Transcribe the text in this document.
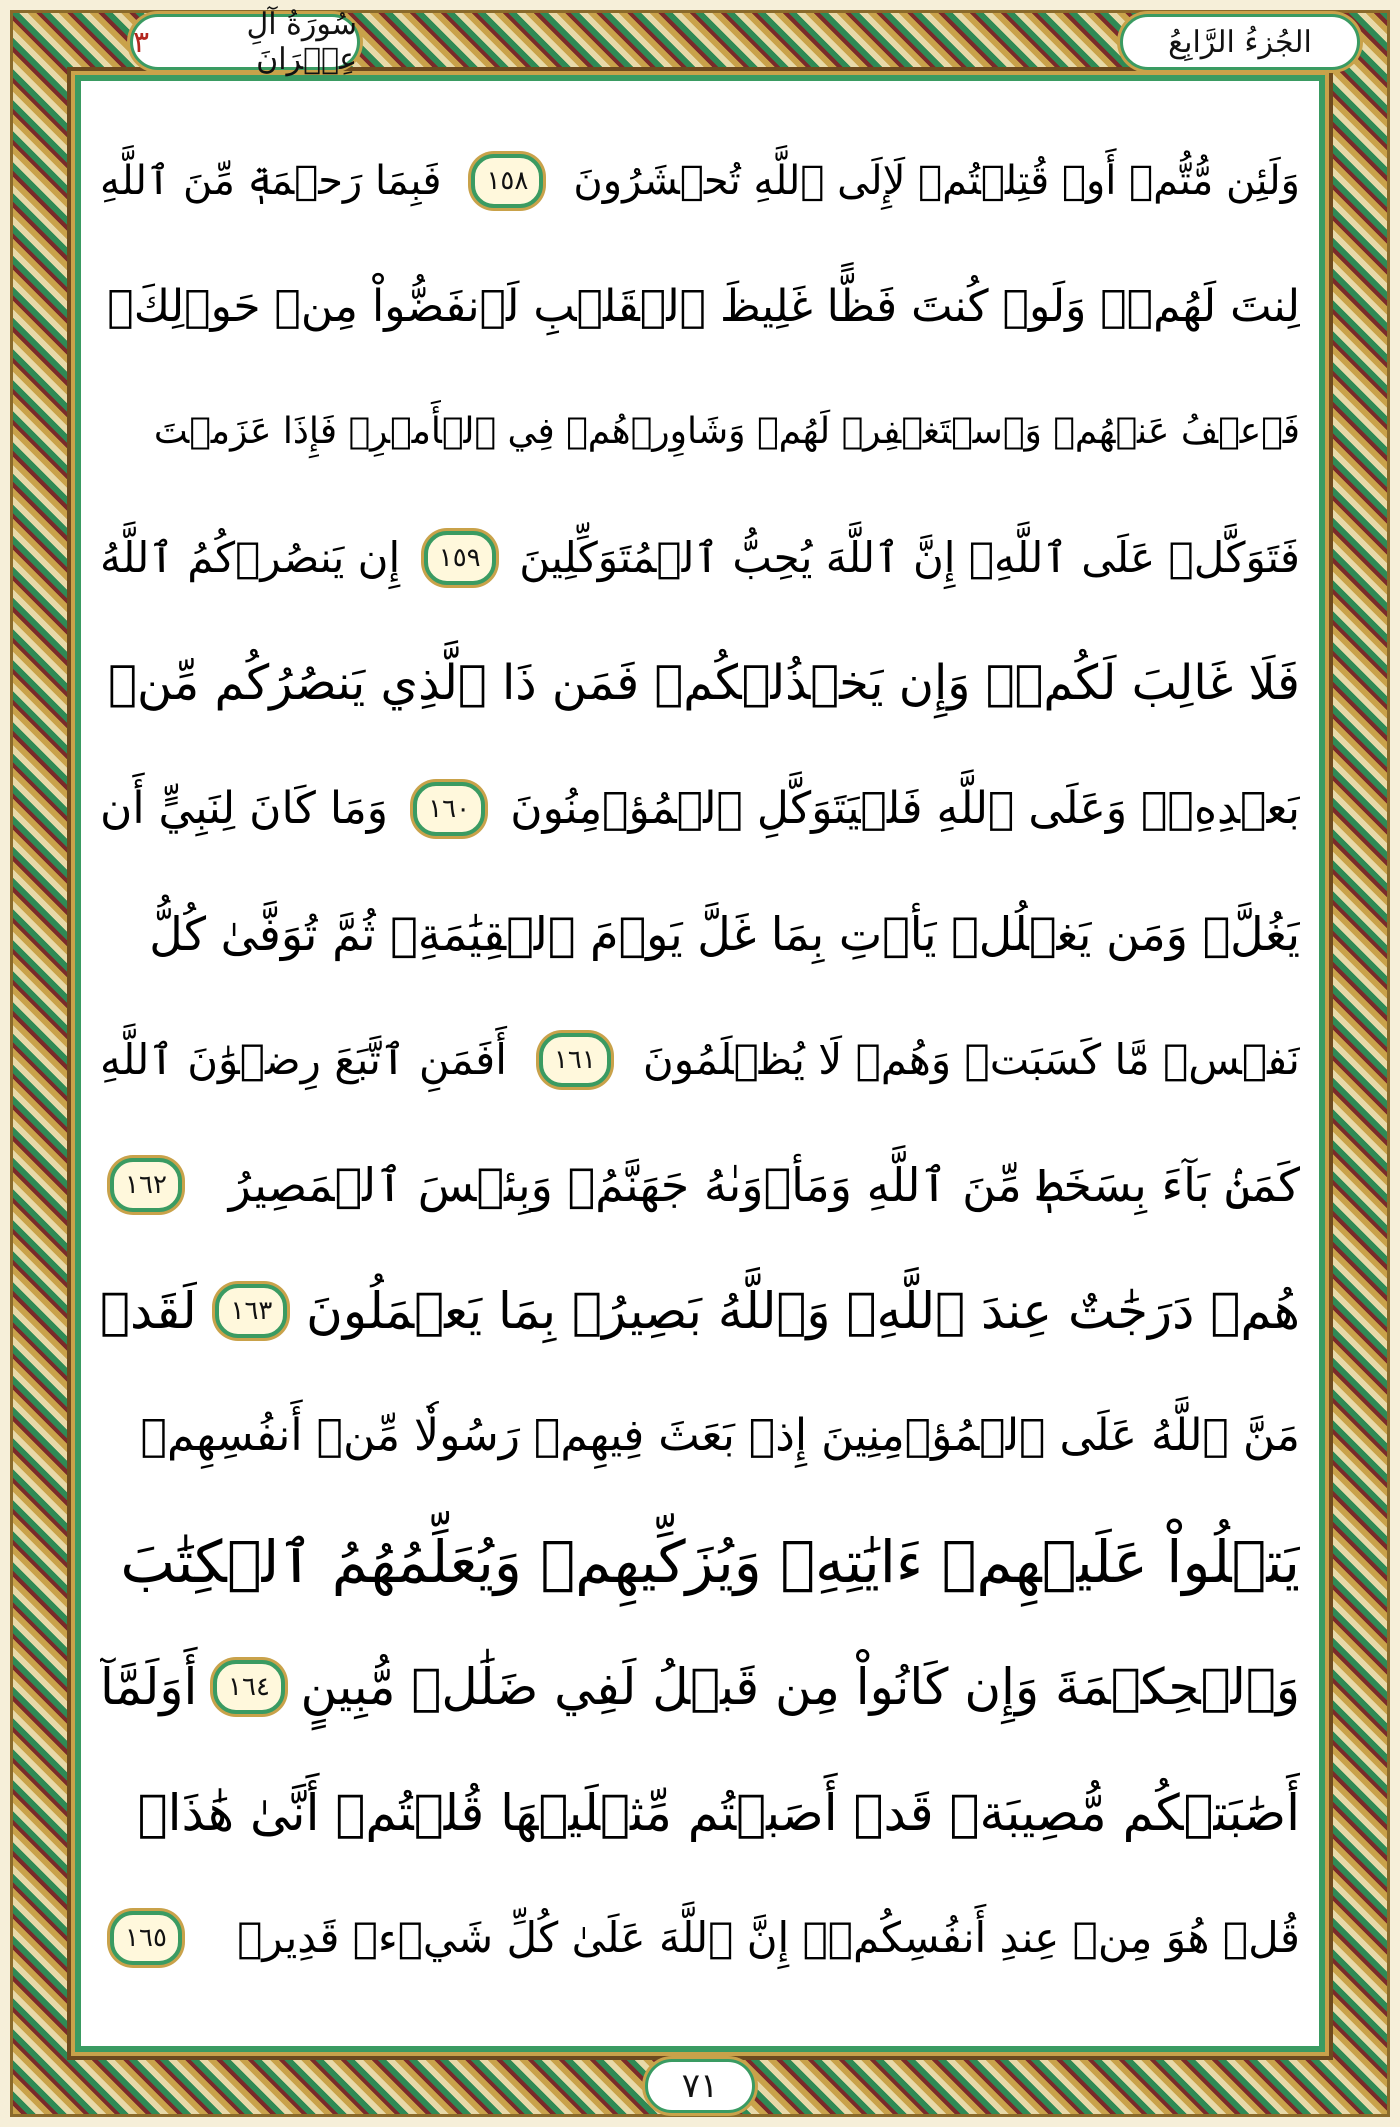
الجُزءُ الرَّابِعُ
سُورَةُ آلِ عِمۡرَانَ
٣
وَلَئِن مُّتُّمۡ أَوۡ قُتِلۡتُمۡ لَإِلَى ٱللَّهِ تُحۡشَرُونَ
١٥٨
فَبِمَا رَحۡمَةٖ مِّنَ ٱللَّهِ
لِنتَ لَهُمۡۖ وَلَوۡ كُنتَ فَظًّا غَلِيظَ ٱلۡقَلۡبِ لَٱنفَضُّواْ مِنۡ حَوۡلِكَۖ
فَٱعۡفُ عَنۡهُمۡ وَٱسۡتَغۡفِرۡ لَهُمۡ وَشَاوِرۡهُمۡ فِي ٱلۡأَمۡرِۖ فَإِذَا عَزَمۡتَ
فَتَوَكَّلۡ عَلَى ٱللَّهِۚ إِنَّ ٱللَّهَ يُحِبُّ ٱلۡمُتَوَكِّلِينَ
١٥٩
إِن يَنصُرۡكُمُ ٱللَّهُ
فَلَا غَالِبَ لَكُمۡۖ وَإِن يَخۡذُلۡكُمۡ فَمَن ذَا ٱلَّذِي يَنصُرُكُم مِّنۢ
بَعۡدِهِۦۗ وَعَلَى ٱللَّهِ فَلۡيَتَوَكَّلِ ٱلۡمُؤۡمِنُونَ
١٦٠
وَمَا كَانَ لِنَبِيٍّ أَن
يَغُلَّۚ وَمَن يَغۡلُلۡ يَأۡتِ بِمَا غَلَّ يَوۡمَ ٱلۡقِيَٰمَةِۚ ثُمَّ تُوَفَّىٰ كُلُّ
نَفۡسٖ مَّا كَسَبَتۡ وَهُمۡ لَا يُظۡلَمُونَ
١٦١
أَفَمَنِ ٱتَّبَعَ رِضۡوَٰنَ ٱللَّهِ
كَمَنۢ بَآءَ بِسَخَطٖ مِّنَ ٱللَّهِ وَمَأۡوَىٰهُ جَهَنَّمُۖ وَبِئۡسَ ٱلۡمَصِيرُ
١٦٢
هُمۡ دَرَجَٰتٌ عِندَ ٱللَّهِۗ وَٱللَّهُ بَصِيرُۢ بِمَا يَعۡمَلُونَ
١٦٣
لَقَدۡ
مَنَّ ٱللَّهُ عَلَى ٱلۡمُؤۡمِنِينَ إِذۡ بَعَثَ فِيهِمۡ رَسُولٗا مِّنۡ أَنفُسِهِمۡ
يَتۡلُواْ عَلَيۡهِمۡ ءَايَٰتِهِۦ وَيُزَكِّيهِمۡ وَيُعَلِّمُهُمُ ٱلۡكِتَٰبَ
وَٱلۡحِكۡمَةَ وَإِن كَانُواْ مِن قَبۡلُ لَفِي ضَلَٰلٖ مُّبِينٍ
١٦٤
أَوَلَمَّآ
أَصَٰبَتۡكُم مُّصِيبَةٞ قَدۡ أَصَبۡتُم مِّثۡلَيۡهَا قُلۡتُمۡ أَنَّىٰ هَٰذَاۖ
قُلۡ هُوَ مِنۡ عِندِ أَنفُسِكُمۡۗ إِنَّ ٱللَّهَ عَلَىٰ كُلِّ شَيۡءٖ قَدِيرٞ
١٦٥
٧١
